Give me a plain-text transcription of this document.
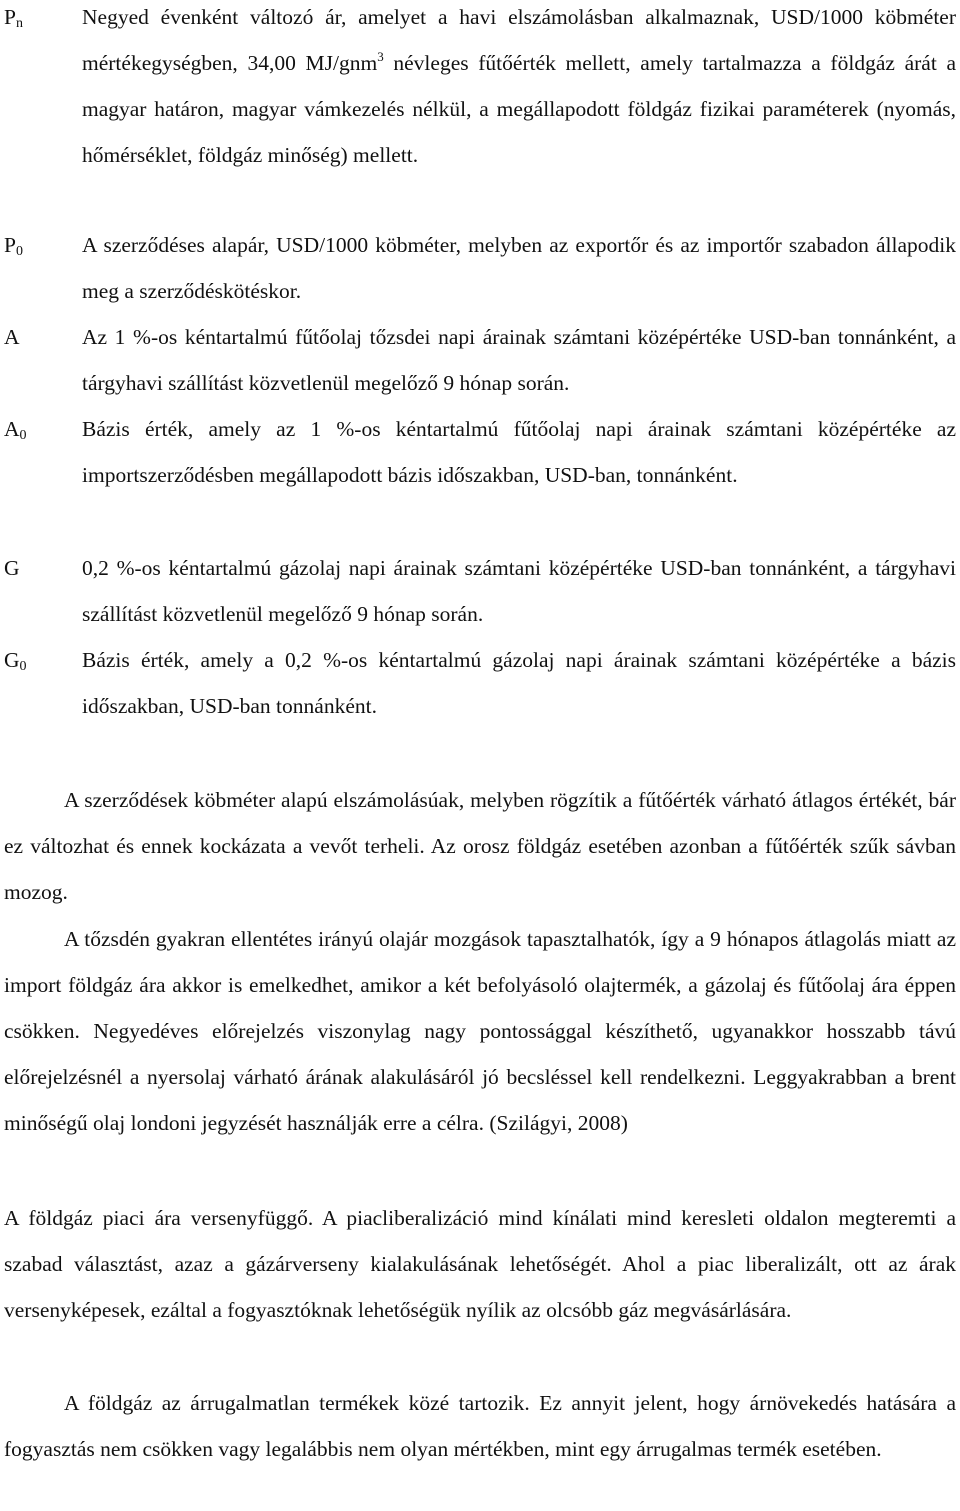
$P_n$	Negyed évenként változó ár, amelyet a havi elszámolásban alkalmaznak, USD/1000 köbméter mértékegységben, 34,00 MJ/gnm$^3$ névleges fűtőérték mellett, amely tartalmazza a földgáz árát a magyar határon, magyar vámkezelés nélkül, a megállapodott földgáz fizikai paraméterek (nyomás, hőmérséklet, földgáz minőség) mellett.
$P_0$	A szerződéses alapár, USD/1000 köbméter, melyben az exportőr és az importőr szabadon állapodik meg a szerződéskötéskor.
A	Az 1 %-os kéntartalmú fűtőolaj tőzsdei napi árainak számtani középértéke USD-ban tonnánként, a tárgyhavi szállítást közvetlenül megelőző 9 hónap során.
$A_0$	Bázis érték, amely az 1 %-os kéntartalmú fűtőolaj napi árainak számtani középértéke az importszerződésben megállapodott bázis időszakban, USD-ban, tonnánként.
G	0,2 %-os kéntartalmú gázolaj napi árainak számtani középértéke USD-ban tonnánként, a tárgyhavi szállítást közvetlenül megelőző 9 hónap során.
$G_0$	Bázis érték, amely a 0,2 %-os kéntartalmú gázolaj napi árainak számtani középértéke a bázis időszakban, USD-ban tonnánként.

A szerződések köbméter alapú elszámolásúak, melyben rögzítik a fűtőérték várható átlagos értékét, bár ez változhat és ennek kockázata a vevőt terheli. Az orosz földgáz esetében azonban a fűtőérték szűk sávban mozog.

A tőzsdén gyakran ellentétes irányú olajár mozgások tapasztalhatók, így a 9 hónapos átlagolás miatt az import földgáz ára akkor is emelkedhet, amikor a két befolyásoló olajtermék, a gázolaj és fűtőolaj ára éppen csökken. Negyedéves előrejelzés viszonylag nagy pontossággal készíthető, ugyanakkor hosszabb távú előrejelzésnél a nyersolaj várható árának alakulásáról jó becsléssel kell rendelkezni. Leggyakrabban a brent minőségű olaj londoni jegyzését használják erre a célra. (Szilágyi, 2008)

A földgáz piaci ára versenyfüggő. A piacliberalizáció mind kínálati mind keresleti oldalon megteremti a szabad választást, azaz a gázárverseny kialakulásának lehetőségét. Ahol a piac liberalizált, ott az árak versenyképesek, ezáltal a fogyasztóknak lehetőségük nyílik az olcsóbb gáz megvásárlására.

A földgáz az árrugalmatlan termékek közé tartozik. Ez annyit jelent, hogy árnövekedés hatására a fogyasztás nem csökken vagy legalábbis nem olyan mértékben, mint egy árrugalmas termék esetében.
